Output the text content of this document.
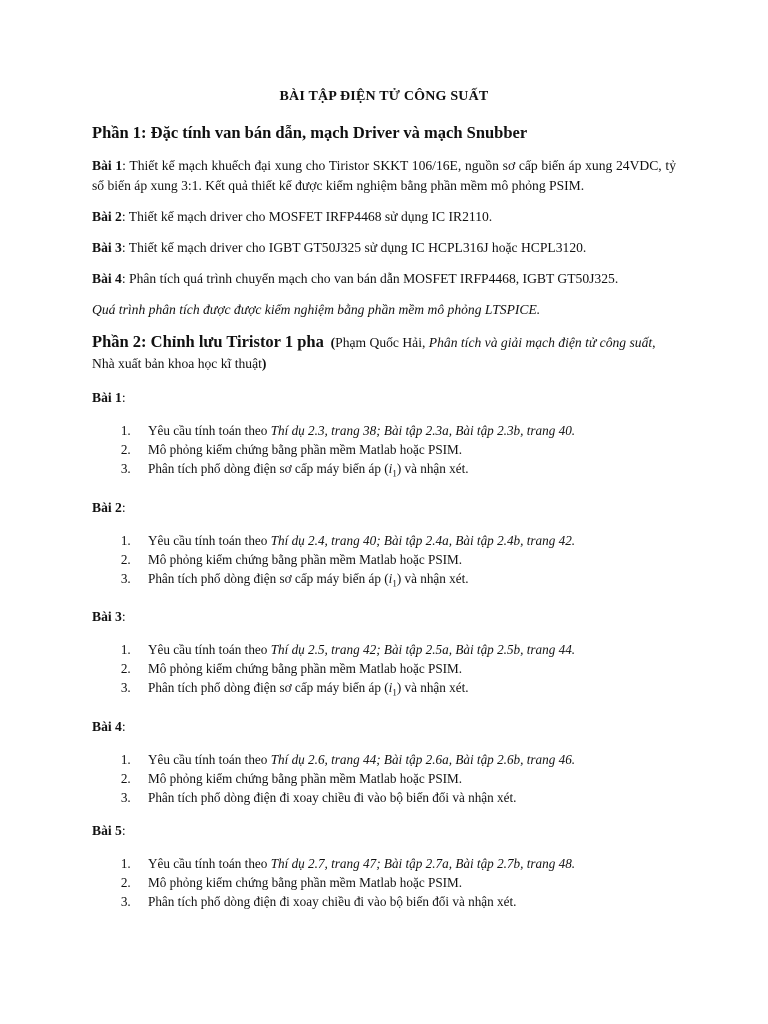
BÀI TẬP ĐIỆN TỬ CÔNG SUẤT
Phần 1: Đặc tính van bán dẫn, mạch Driver và mạch Snubber

Bài 1: Thiết kế mạch khuếch đại xung cho Tiristor SKKT 106/16E, nguồn sơ cấp biến áp xung 24VDC, tỷ số biến áp xung 3:1. Kết quả thiết kế được kiểm nghiệm bằng phần mềm mô phỏng PSIM.

Bài 2: Thiết kế mạch driver cho MOSFET IRFP4468 sử dụng IC IR2110.

Bài 3: Thiết kế mạch driver cho IGBT GT50J325 sử dụng IC HCPL316J hoặc HCPL3120.

Bài 4: Phân tích quá trình chuyển mạch cho van bán dẫn MOSFET IRFP4468, IGBT GT50J325.

Quá trình phân tích được được kiểm nghiệm bằng phần mềm mô phỏng LTSPICE.
Phần 2: Chỉnh lưu Tiristor 1 pha (Phạm Quốc Hải, Phân tích và giải mạch điện tử công suất, Nhà xuất bản khoa học kĩ thuật)
Bài 1:
1. Yêu cầu tính toán theo Thí dụ 2.3, trang 38; Bài tập 2.3a, Bài tập 2.3b, trang 40.
2. Mô phỏng kiểm chứng bằng phần mềm Matlab hoặc PSIM.
3. Phân tích phổ dòng điện sơ cấp máy biến áp $(i_1)$ và nhận xét.
Bài 2:
1. Yêu cầu tính toán theo Thí dụ 2.4, trang 40; Bài tập 2.4a, Bài tập 2.4b, trang 42.
2. Mô phỏng kiểm chứng bằng phần mềm Matlab hoặc PSIM.
3. Phân tích phổ dòng điện sơ cấp máy biến áp $(i_1)$ và nhận xét.
Bài 3:
1. Yêu cầu tính toán theo Thí dụ 2.5, trang 42; Bài tập 2.5a, Bài tập 2.5b, trang 44.
2. Mô phỏng kiểm chứng bằng phần mềm Matlab hoặc PSIM.
3. Phân tích phổ dòng điện sơ cấp máy biến áp $(i_1)$ và nhận xét.
Bài 4:
1. Yêu cầu tính toán theo Thí dụ 2.6, trang 44; Bài tập 2.6a, Bài tập 2.6b, trang 46.
2. Mô phỏng kiểm chứng bằng phần mềm Matlab hoặc PSIM.
3. Phân tích phổ dòng điện đi xoay chiều đi vào bộ biến đổi và nhận xét.
Bài 5:
1. Yêu cầu tính toán theo Thí dụ 2.7, trang 47; Bài tập 2.7a, Bài tập 2.7b, trang 48.
2. Mô phỏng kiểm chứng bằng phần mềm Matlab hoặc PSIM.
3. Phân tích phổ dòng điện đi xoay chiều đi vào bộ biến đổi và nhận xét.
